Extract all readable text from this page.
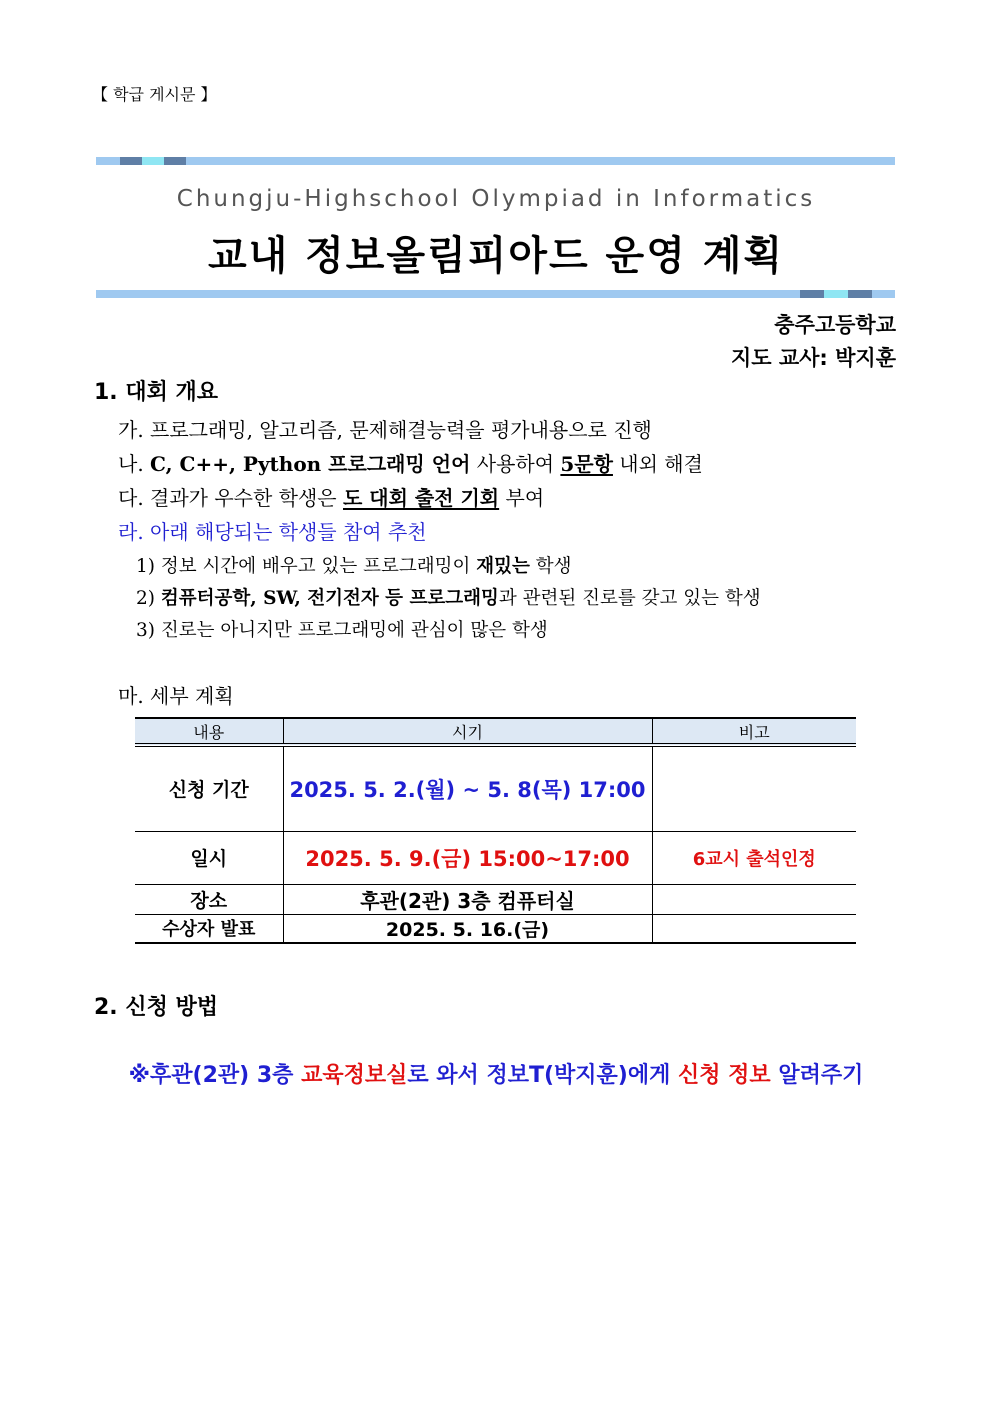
【 학급 게시문 】
Chungju-Highschool Olympiad in Informatics
교내 정보올림피아드 운영 계획
충주고등학교
지도 교사: 박지훈
1. 대회 개요
가. 프로그래밍, 알고리즘, 문제해결능력을 평가내용으로 진행
나. C, C++, Python 프로그래밍 언어 사용하여 5문항 내외 해결
다. 결과가 우수한 학생은 도 대회 출전 기회 부여
라. 아래 해당되는 학생들 참여 추천
1) 정보 시간에 배우고 있는 프로그래밍이 재밌는 학생
2) 컴퓨터공학, SW, 전기전자 등 프로그래밍과 관련된 진로를 갖고 있는 학생
3) 진로는 아니지만 프로그래밍에 관심이 많은 학생
마. 세부 계획
내용	시기	비고
신청 기간	2025. 5. 2.(월) ~ 5. 8(목) 17:00	
일시	2025. 5. 9.(금) 15:00~17:00	6교시 출석인정
장소	후관(2관) 3층 컴퓨터실	
수상자 발표	2025. 5. 16.(금)	
2. 신청 방법
※후관(2관) 3층 교육정보실로 와서 정보T(박지훈)에게 신청 정보 알려주기
